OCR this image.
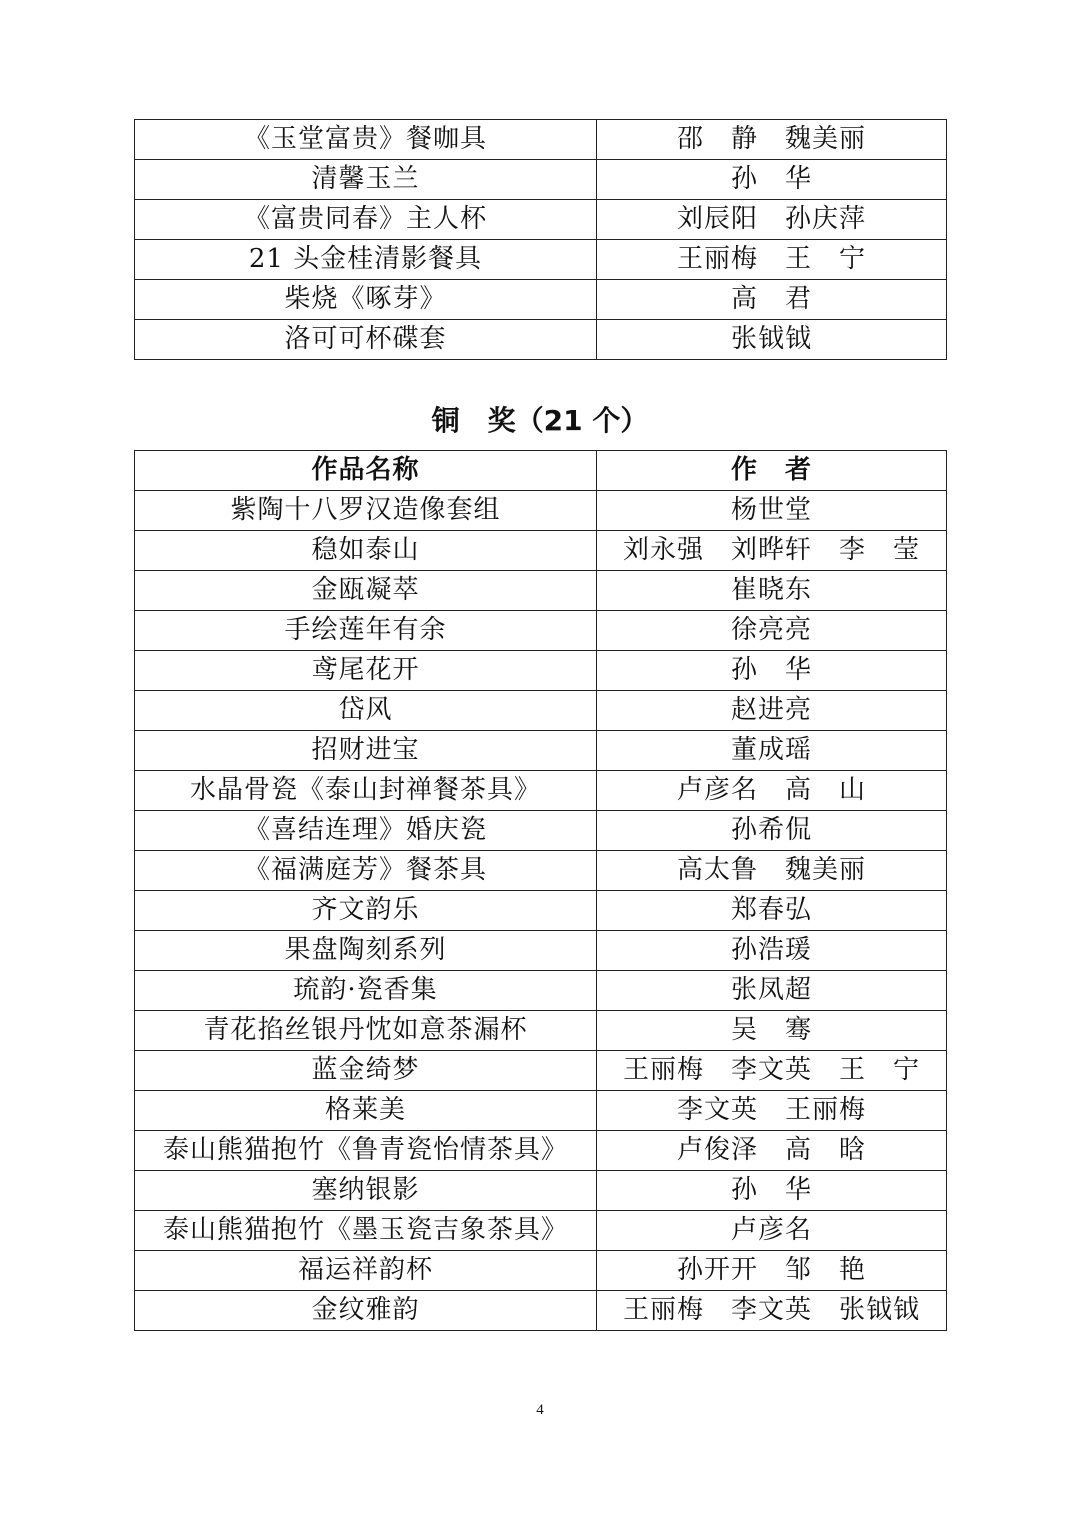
《玉堂富贵》餐咖具	邵　静　魏美丽
清馨玉兰	孙　华
《富贵同春》主人杯	刘辰阳　孙庆萍
21 头金桂清影餐具	王丽梅　王　宁
柴烧《啄芽》	高　君
洛可可杯碟套	张钺钺
铜　奖（21 个）
作品名称	作　者
紫陶十八罗汉造像套组	杨世堂
稳如泰山	刘永强　刘晔轩　李　莹
金瓯凝萃	崔晓东
手绘莲年有余	徐亮亮
鸢尾花开	孙　华
岱风	赵进亮
招财进宝	董成瑶
水晶骨瓷《泰山封禅餐茶具》	卢彦名　高　山
《喜结连理》婚庆瓷	孙希侃
《福满庭芳》餐茶具	高太鲁　魏美丽
齐文韵乐	郑春弘
果盘陶刻系列	孙浩瑗
琉韵·瓷香集	张凤超
青花掐丝银丹忱如意茶漏杯	吴　骞
蓝金绮梦	王丽梅　李文英　王　宁
格莱美	李文英　王丽梅
泰山熊猫抱竹《鲁青瓷怡情茶具》	卢俊泽　高　晗
塞纳银影	孙　华
泰山熊猫抱竹《墨玉瓷吉象茶具》	卢彦名
福运祥韵杯	孙开开　邹　艳
金纹雅韵	王丽梅　李文英　张钺钺
4
